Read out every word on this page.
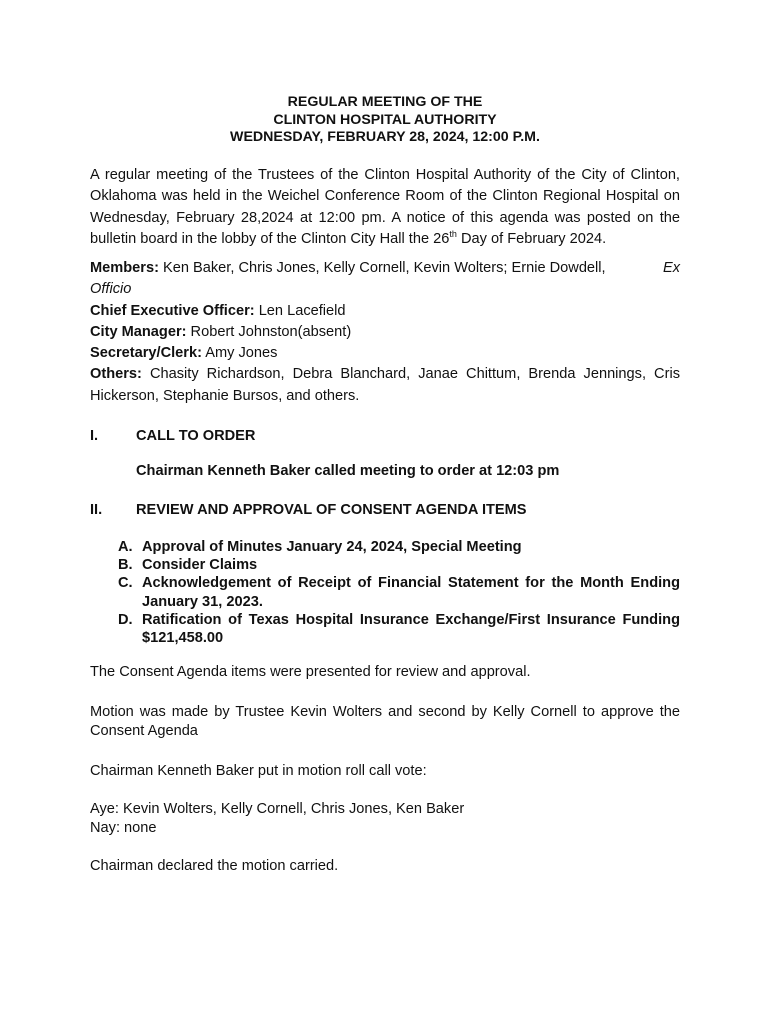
REGULAR MEETING OF THE
CLINTON HOSPITAL AUTHORITY
WEDNESDAY, FEBRUARY 28, 2024, 12:00 P.M.
A regular meeting of the Trustees of the Clinton Hospital Authority of the City of Clinton,
Oklahoma was held in the Weichel Conference Room of the Clinton Regional Hospital on
Wednesday, February 28,2024 at 12:00 pm. A notice of this agenda was posted on the
bulletin board in the lobby of the Clinton City Hall the 26th Day of February 2024.
Members: Ken Baker, Chris Jones, Kelly Cornell, Kevin Wolters; Ernie Dowdell,	Ex
Officio
Chief Executive Officer: Len Lacefield
City Manager: Robert Johnston(absent)
Secretary/Clerk: Amy Jones
Others: Chasity Richardson, Debra Blanchard, Janae Chittum, Brenda Jennings, Cris
Hickerson, Stephanie Bursos, and others.
I.	CALL TO ORDER
Chairman Kenneth Baker called meeting to order at 12:03 pm
II. REVIEW AND APPROVAL OF CONSENT AGENDA ITEMS
A. Approval of Minutes January 24, 2024, Special Meeting
B. Consider Claims
C. Acknowledgement of Receipt of Financial Statement for the Month Ending
January 31, 2023.
D. Ratification of Texas Hospital Insurance Exchange/First Insurance Funding
$121,458.00
The Consent Agenda items were presented for review and approval.
Motion was made by Trustee Kevin Wolters and second by Kelly Cornell to approve the
Consent Agenda
Chairman Kenneth Baker put in motion roll call vote:
Aye: Kevin Wolters, Kelly Cornell, Chris Jones, Ken Baker
Nay: none
Chairman declared the motion carried.
